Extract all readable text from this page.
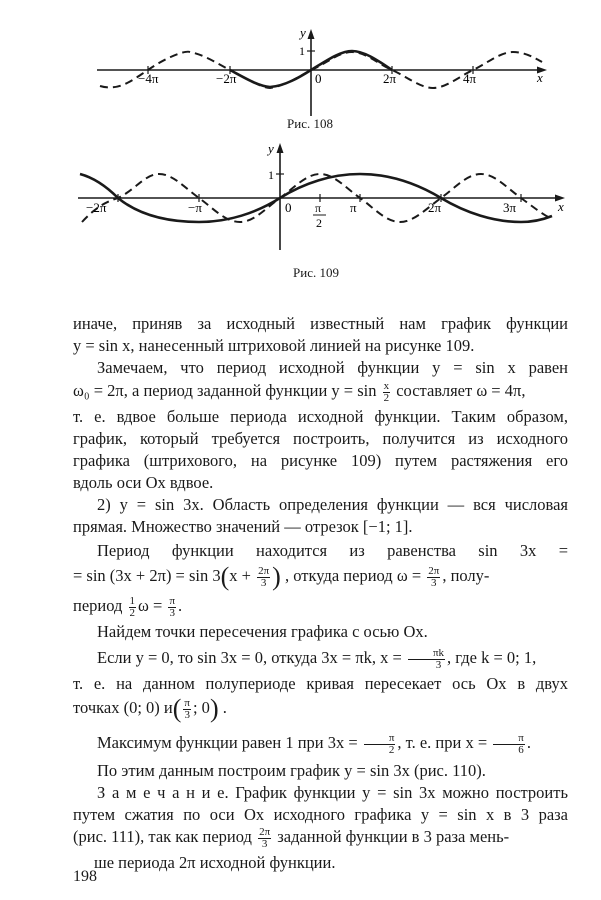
y
x
1
−4π	−2π	0	2π	4π
Рис. 108
y
x
1
−2π	−π	0 π
2
π	2π	3π
Рис. 109
иначе, приняв за исходный известный нам график функции
y = sin x, нанесенный штриховой линией на рисунке 109.
Замечаем, что период исходной функции y = sin x равен
ω₀ = 2π, а период заданной функции $y = \sin \frac{x}{2}$ составляет ω = 4π,
т. е. вдвое больше периода исходной функции. Таким образом,
график, который требуется построить, получится из исходного
графика (штрихового, на рисунке 109) путем растяжения его
вдоль оси Ox вдвое.
2) y = sin 3x. Область определения функции — вся числовая
прямая. Множество значений — отрезок [−1; 1].
Период функции находится из равенства sin 3x =
= $\sin (3x + 2\pi) = \sin 3(x + \frac{2\pi}{3}$ ) , откуда период $\omega = \frac{2\pi}{3}$ , полу-
период $\frac{1}{2}$ $\omega = \frac{\pi}{3}$ .
Найдем точки пересечения графика с осью Ox.
Если y = 0, то sin 3x = 0, откуда 3x = πk, $x = \frac{\pi k}{3}$ , где k = 0; 1,
т. е. на данном полупериоде кривая пересекает ось Ox в двух
точках (0; 0) $и( \frac{\pi}{3}$ ; 0) .
Максимум функции равен 1 при $3x = \frac{\pi}{2}$ , т. е. при $x = \frac{\pi}{6}$ .
По этим данным построим график y = sin 3x (рис. 110).
З а м е ч а н и е. График функции y = sin 3x можно построить
путем сжатия по оси Ox исходного графика y = sin x в 3 раза
(рис. 111), так как период $\frac{2\pi}{3}$ заданной функции в 3 раза мень-
ше периода 2π исходной функции.
198
